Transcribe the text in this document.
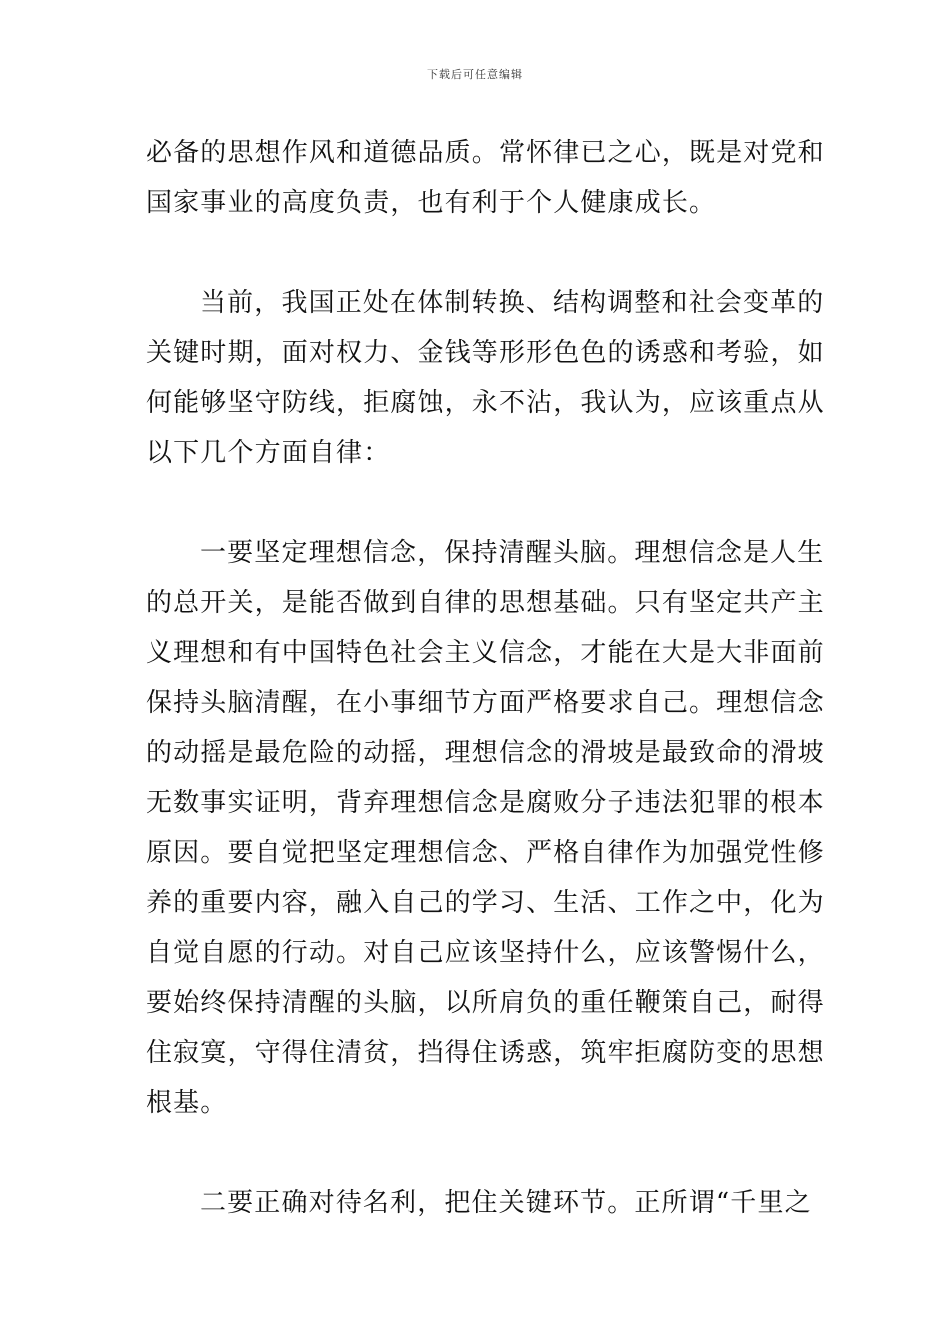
下载后可任意编辑
必备的思想作风和道德品质。常怀律已之心，既是对党和
国家事业的高度负责，也有利于个人健康成长。
当前，我国正处在体制转换、结构调整和社会变革的
关键时期，面对权力、金钱等形形色色的诱惑和考验，如
何能够坚守防线，拒腐蚀，永不沾，我认为，应该重点从
以下几个方面自律：
一要坚定理想信念，保持清醒头脑。理想信念是人生
的总开关，是能否做到自律的思想基础。只有坚定共产主
义理想和有中国特色社会主义信念，才能在大是大非面前
保持头脑清醒，在小事细节方面严格要求自己。理想信念
的动摇是最危险的动摇，理想信念的滑坡是最致命的滑坡
无数事实证明，背弃理想信念是腐败分子违法犯罪的根本
原因。要自觉把坚定理想信念、严格自律作为加强党性修
养的重要内容，融入自己的学习、生活、工作之中，化为
自觉自愿的行动。对自己应该坚持什么，应该警惕什么，
要始终保持清醒的头脑，以所肩负的重任鞭策自己，耐得
住寂寞，守得住清贫，挡得住诱惑，筑牢拒腐防变的思想
根基。
二要正确对待名利，把住关键环节。正所谓“千里之
